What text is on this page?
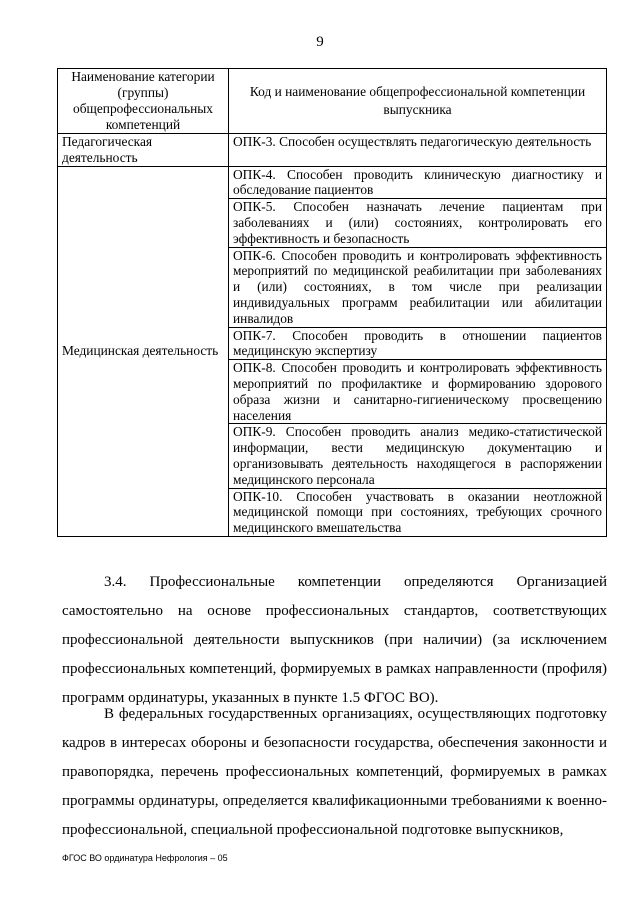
9
Наименование категории (группы) общепрофессиональных компетенций	Код и наименование общепрофессиональной компетенции выпускника
Педагогическая деятельность	ОПК-3. Способен осуществлять педагогическую деятельность
Медицинская деятельность	ОПК-4. Способен проводить клиническую диагностику и обследование пациентов
	ОПК-5. Способен назначать лечение пациентам при заболеваниях и (или) состояниях, контролировать его эффективность и безопасность
	ОПК-6. Способен проводить и контролировать эффективность мероприятий по медицинской реабилитации при заболеваниях и (или) состояниях, в том числе при реализации индивидуальных программ реабилитации или абилитации инвалидов
	ОПК-7. Способен проводить в отношении пациентов медицинскую экспертизу
	ОПК-8. Способен проводить и контролировать эффективность мероприятий по профилактике и формированию здорового образа жизни и санитарно-гигиеническому просвещению населения
	ОПК-9. Способен проводить анализ медико-статистической информации, вести медицинскую документацию и организовывать деятельность находящегося в распоряжении медицинского персонала
	ОПК-10. Способен участвовать в оказании неотложной медицинской помощи при состояниях, требующих срочного медицинского вмешательства
3.4. Профессиональные компетенции определяются Организацией самостоятельно на основе профессиональных стандартов, соответствующих профессиональной деятельности выпускников (при наличии) (за исключением профессиональных компетенций, формируемых в рамках направленности (профиля) программ ординатуры, указанных в пункте 1.5 ФГОС ВО).
В федеральных государственных организациях, осуществляющих подготовку кадров в интересах обороны и безопасности государства, обеспечения законности и правопорядка, перечень профессиональных компетенций, формируемых в рамках программы ординатуры, определяется квалификационными требованиями к военно-профессиональной, специальной профессиональной подготовке выпускников,
ФГОС ВО ординатура Нефрология – 05
